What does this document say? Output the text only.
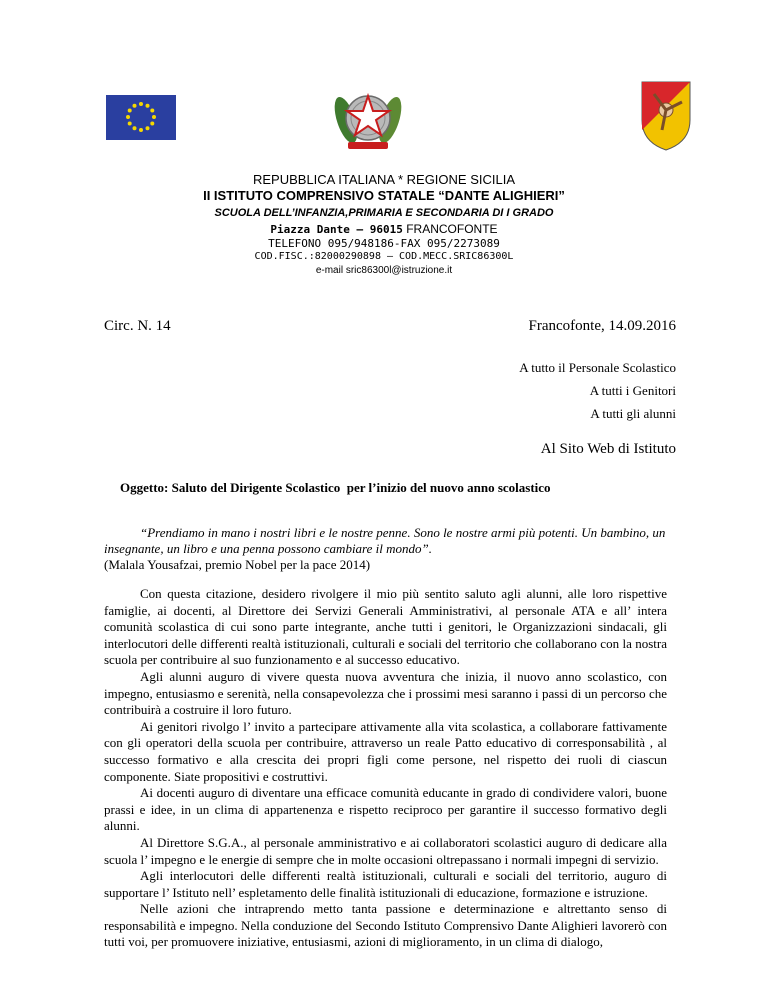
REPUBBLICA ITALIANA * REGIONE SICILIA
II ISTITUTO COMPRENSIVO STATALE “DANTE ALIGHIERI”
SCUOLA DELL’INFANZIA,PRIMARIA E SECONDARIA DI I GRADO
Piazza Dante – 96015 FRANCOFONTE
TELEFONO 095/948186-FAX 095/2273089
COD.FISC.:82000290898 – COD.MECC.SRIC86300L
e-mail sric86300l@istruzione.it
Circ. N. 14	Francofonte, 14.09.2016
A tutto il Personale Scolastico
A tutti i Genitori
A tutti gli alunni
Al Sito Web di Istituto
Oggetto: Saluto del Dirigente Scolastico  per l’inizio del nuovo anno scolastico

“Prendiamo in mano i nostri libri e le nostre penne. Sono le nostre armi più potenti. Un bambino, un

insegnante, un libro e una penna possono cambiare il mondo”.

(Malala Yousafzai, premio Nobel per la pace 2014)

Con questa citazione, desidero rivolgere il mio più sentito saluto agli alunni, alle loro rispettive famiglie, ai docenti, al Direttore dei Servizi Generali Amministrativi, al personale ATA e all’ intera comunità scolastica di cui sono parte integrante, anche tutti i genitori, le Organizzazioni sindacali, gli interlocutori delle differenti realtà istituzionali, culturali e sociali del territorio che collaborano con la nostra scuola per contribuire al suo funzionamento e al successo educativo.

Agli alunni auguro di vivere questa nuova avventura che inizia, il nuovo anno scolastico, con impegno, entusiasmo e serenità, nella consapevolezza che i prossimi mesi saranno i passi di un percorso che contribuirà a costruire il loro futuro.

Ai genitori rivolgo l’ invito a partecipare attivamente alla vita scolastica, a collaborare fattivamente con gli operatori della scuola per contribuire, attraverso un reale Patto educativo di corresponsabilità , al successo formativo e alla crescita dei propri figli come persone, nel rispetto dei ruoli di ciascun componente. Siate propositivi e costruttivi.

Ai docenti auguro di diventare una efficace comunità educante in grado di condividere valori, buone prassi e idee, in un clima di appartenenza e rispetto reciproco per garantire il successo formativo degli alunni.

Al Direttore S.G.A., al personale amministrativo e ai collaboratori scolastici auguro di dedicare alla scuola l’ impegno e le energie di sempre che in molte occasioni oltrepassano i normali impegni di servizio.

Agli interlocutori delle differenti realtà istituzionali, culturali e sociali del territorio, auguro di supportare l’ Istituto nell’ espletamento delle finalità istituzionali di educazione, formazione e istruzione.

Nelle azioni che intraprendo metto tanta passione e determinazione e altrettanto senso di responsabilità e impegno. Nella conduzione del Secondo Istituto Comprensivo Dante Alighieri lavorerò con tutti voi, per promuovere iniziative, entusiasmi, azioni di miglioramento, in un clima di dialogo,
